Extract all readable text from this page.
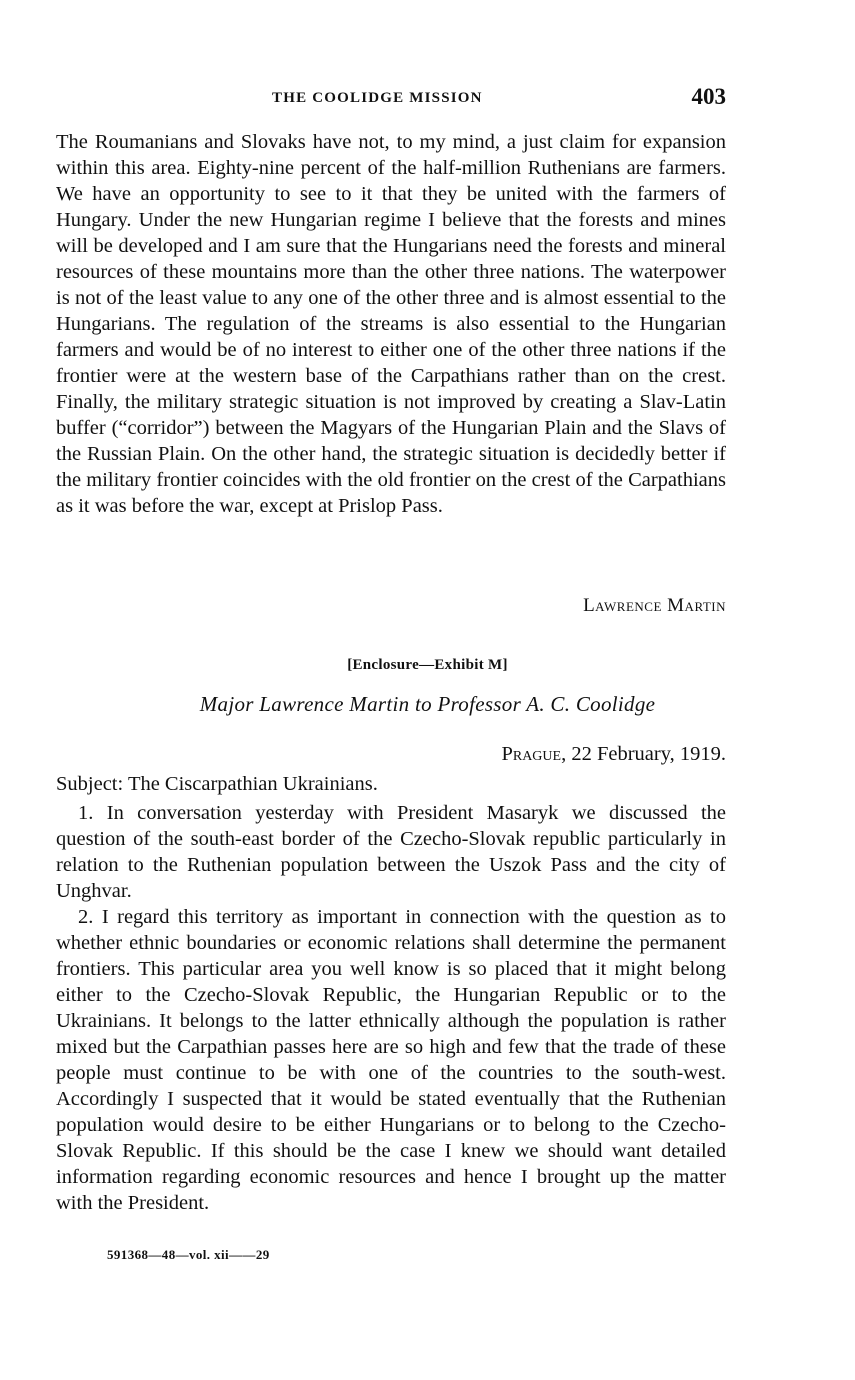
THE COOLIDGE MISSION	403

The Roumanians and Slovaks have not, to my mind, a just claim for expansion within this area. Eighty-nine percent of the half-million Ruthenians are farmers. We have an opportunity to see to it that they be united with the farmers of Hungary. Under the new Hungarian regime I believe that the forests and mines will be developed and I am sure that the Hungarians need the forests and mineral resources of these mountains more than the other three nations. The waterpower is not of the least value to any one of the other three and is almost essential to the Hungarians. The regulation of the streams is also essential to the Hungarian farmers and would be of no interest to either one of the other three nations if the frontier were at the western base of the Carpathians rather than on the crest. Finally, the military strategic situation is not improved by creating a Slav-Latin buffer (“corridor”) between the Magyars of the Hungarian Plain and the Slavs of the Russian Plain. On the other hand, the strategic situation is decidedly better if the military frontier coincides with the old frontier on the crest of the Carpathians as it was before the war, except at Prislop Pass.

Lawrence Martin
[Enclosure—Exhibit M]
Major Lawrence Martin to Professor A. C. Coolidge
Prague, 22 February, 1919.

Subject: The Ciscarpathian Ukrainians.

1. In conversation yesterday with President Masaryk we discussed the question of the south-east border of the Czecho-Slovak republic particularly in relation to the Ruthenian population between the Uszok Pass and the city of Unghvar.

2. I regard this territory as important in connection with the question as to whether ethnic boundaries or economic relations shall determine the permanent frontiers. This particular area you well know is so placed that it might belong either to the Czecho-Slovak Republic, the Hungarian Republic or to the Ukrainians. It belongs to the latter ethnically although the population is rather mixed but the Carpathian passes here are so high and few that the trade of these people must continue to be with one of the countries to the south-west. Accordingly I suspected that it would be stated eventually that the Ruthenian population would desire to be either Hungarians or to belong to the Czecho-Slovak Republic. If this should be the case I knew we should want detailed information regarding economic resources and hence I brought up the matter with the President.

591368—48—vol. xii——29
